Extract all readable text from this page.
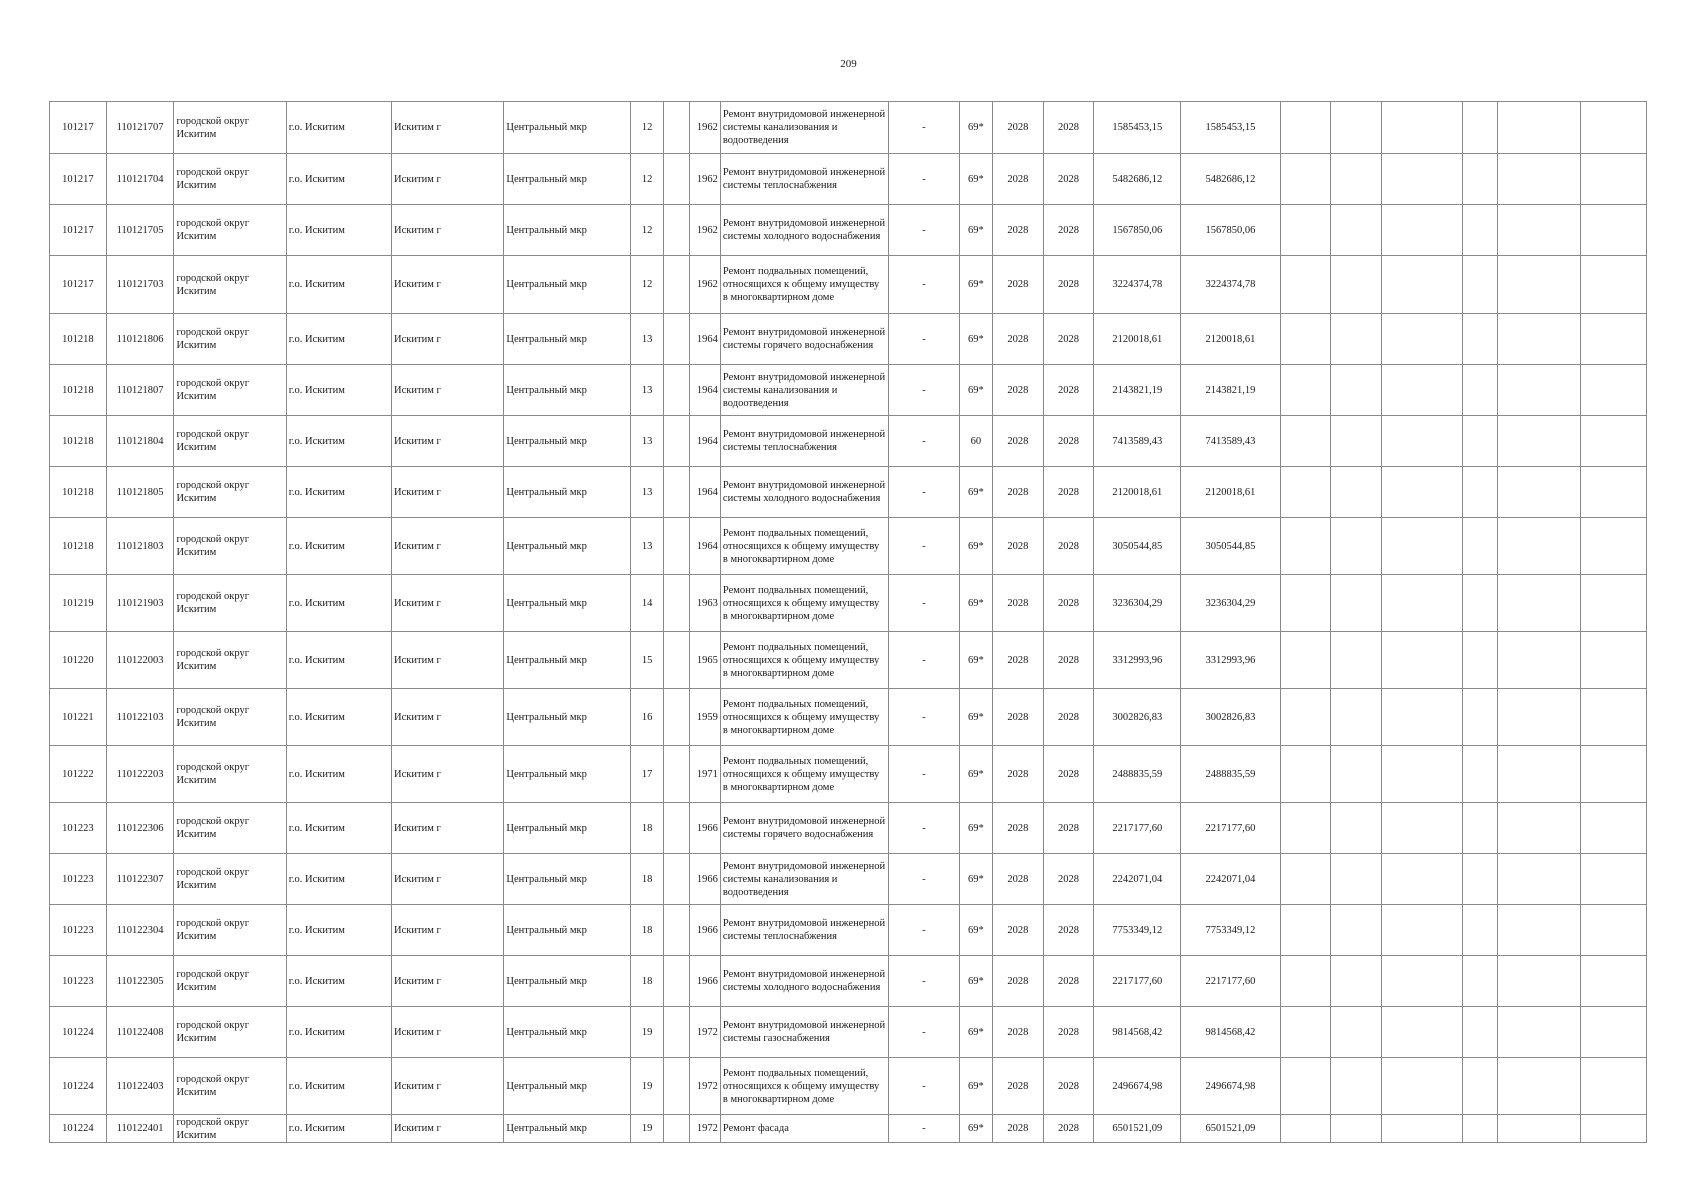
209
101217	110121707	городской округ Искитим	г.о. Искитим	Искитим г	Центральный мкр	12		1962	Ремонт внутридомовой инженерной системы канализования и водоотведения	-	69*	2028	2028	1585453,15	1585453,15						
101217	110121704	городской округ Искитим	г.о. Искитим	Искитим г	Центральный мкр	12		1962	Ремонт внутридомовой инженерной системы теплоснабжения	-	69*	2028	2028	5482686,12	5482686,12						
101217	110121705	городской округ Искитим	г.о. Искитим	Искитим г	Центральный мкр	12		1962	Ремонт внутридомовой инженерной системы холодного водоснабжения	-	69*	2028	2028	1567850,06	1567850,06						
101217	110121703	городской округ Искитим	г.о. Искитим	Искитим г	Центральный мкр	12		1962	Ремонт подвальных помещений, относящихся к общему имуществу в многоквартирном доме	-	69*	2028	2028	3224374,78	3224374,78						
101218	110121806	городской округ Искитим	г.о. Искитим	Искитим г	Центральный мкр	13		1964	Ремонт внутридомовой инженерной системы горячего водоснабжения	-	69*	2028	2028	2120018,61	2120018,61						
101218	110121807	городской округ Искитим	г.о. Искитим	Искитим г	Центральный мкр	13		1964	Ремонт внутридомовой инженерной системы канализования и водоотведения	-	69*	2028	2028	2143821,19	2143821,19						
101218	110121804	городской округ Искитим	г.о. Искитим	Искитим г	Центральный мкр	13		1964	Ремонт внутридомовой инженерной системы теплоснабжения	-	60	2028	2028	7413589,43	7413589,43						
101218	110121805	городской округ Искитим	г.о. Искитим	Искитим г	Центральный мкр	13		1964	Ремонт внутридомовой инженерной системы холодного водоснабжения	-	69*	2028	2028	2120018,61	2120018,61						
101218	110121803	городской округ Искитим	г.о. Искитим	Искитим г	Центральный мкр	13		1964	Ремонт подвальных помещений, относящихся к общему имуществу в многоквартирном доме	-	69*	2028	2028	3050544,85	3050544,85						
101219	110121903	городской округ Искитим	г.о. Искитим	Искитим г	Центральный мкр	14		1963	Ремонт подвальных помещений, относящихся к общему имуществу в многоквартирном доме	-	69*	2028	2028	3236304,29	3236304,29						
101220	110122003	городской округ Искитим	г.о. Искитим	Искитим г	Центральный мкр	15		1965	Ремонт подвальных помещений, относящихся к общему имуществу в многоквартирном доме	-	69*	2028	2028	3312993,96	3312993,96						
101221	110122103	городской округ Искитим	г.о. Искитим	Искитим г	Центральный мкр	16		1959	Ремонт подвальных помещений, относящихся к общему имуществу в многоквартирном доме	-	69*	2028	2028	3002826,83	3002826,83						
101222	110122203	городской округ Искитим	г.о. Искитим	Искитим г	Центральный мкр	17		1971	Ремонт подвальных помещений, относящихся к общему имуществу в многоквартирном доме	-	69*	2028	2028	2488835,59	2488835,59						
101223	110122306	городской округ Искитим	г.о. Искитим	Искитим г	Центральный мкр	18		1966	Ремонт внутридомовой инженерной системы горячего водоснабжения	-	69*	2028	2028	2217177,60	2217177,60						
101223	110122307	городской округ Искитим	г.о. Искитим	Искитим г	Центральный мкр	18		1966	Ремонт внутридомовой инженерной системы канализования и водоотведения	-	69*	2028	2028	2242071,04	2242071,04						
101223	110122304	городской округ Искитим	г.о. Искитим	Искитим г	Центральный мкр	18		1966	Ремонт внутридомовой инженерной системы теплоснабжения	-	69*	2028	2028	7753349,12	7753349,12						
101223	110122305	городской округ Искитим	г.о. Искитим	Искитим г	Центральный мкр	18		1966	Ремонт внутридомовой инженерной системы холодного водоснабжения	-	69*	2028	2028	2217177,60	2217177,60						
101224	110122408	городской округ Искитим	г.о. Искитим	Искитим г	Центральный мкр	19		1972	Ремонт внутридомовой инженерной системы газоснабжения	-	69*	2028	2028	9814568,42	9814568,42						
101224	110122403	городской округ Искитим	г.о. Искитим	Искитим г	Центральный мкр	19		1972	Ремонт подвальных помещений, относящихся к общему имуществу в многоквартирном доме	-	69*	2028	2028	2496674,98	2496674,98						
101224	110122401	городской округ Искитим	г.о. Искитим	Искитим г	Центральный мкр	19		1972	Ремонт фасада	-	69*	2028	2028	6501521,09	6501521,09						
